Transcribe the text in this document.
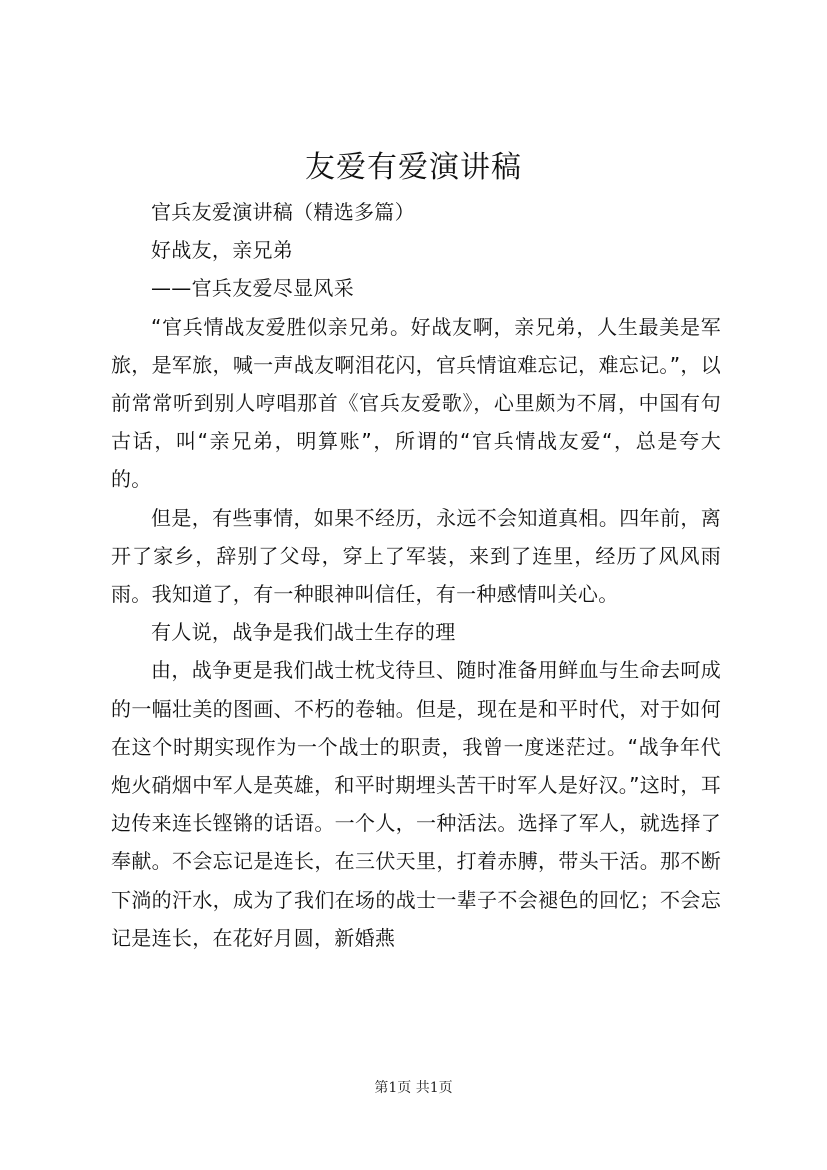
友爱有爱演讲稿

官兵友爱演讲稿（精选多篇）

好战友，亲兄弟

——官兵友爱尽显风采

“官兵情战友爱胜似亲兄弟。好战友啊，亲兄弟，人生最美是军旅，是军旅，喊一声战友啊泪花闪，官兵情谊难忘记，难忘记。”，以前常常听到别人哼唱那首《官兵友爱歌》，心里颇为不屑，中国有句古话，叫“亲兄弟，明算账”，所谓的“官兵情战友爱“，总是夸大的。

但是，有些事情，如果不经历，永远不会知道真相。四年前，离开了家乡，辞别了父母，穿上了军装，来到了连里，经历了风风雨雨。我知道了，有一种眼神叫信任，有一种感情叫关心。

有人说，战争是我们战士生存的理

由，战争更是我们战士枕戈待旦、随时准备用鲜血与生命去呵成的一幅壮美的图画、不朽的卷轴。但是，现在是和平时代，对于如何在这个时期实现作为一个战士的职责，我曾一度迷茫过。“战争年代炮火硝烟中军人是英雄，和平时期埋头苦干时军人是好汉。”这时，耳边传来连长铿锵的话语。一个人，一种活法。选择了军人，就选择了奉献。不会忘记是连长，在三伏天里，打着赤膊，带头干活。那不断下淌的汗水，成为了我们在场的战士一辈子不会褪色的回忆；不会忘记是连长，在花好月圆，新婚燕

第1页 共1页
